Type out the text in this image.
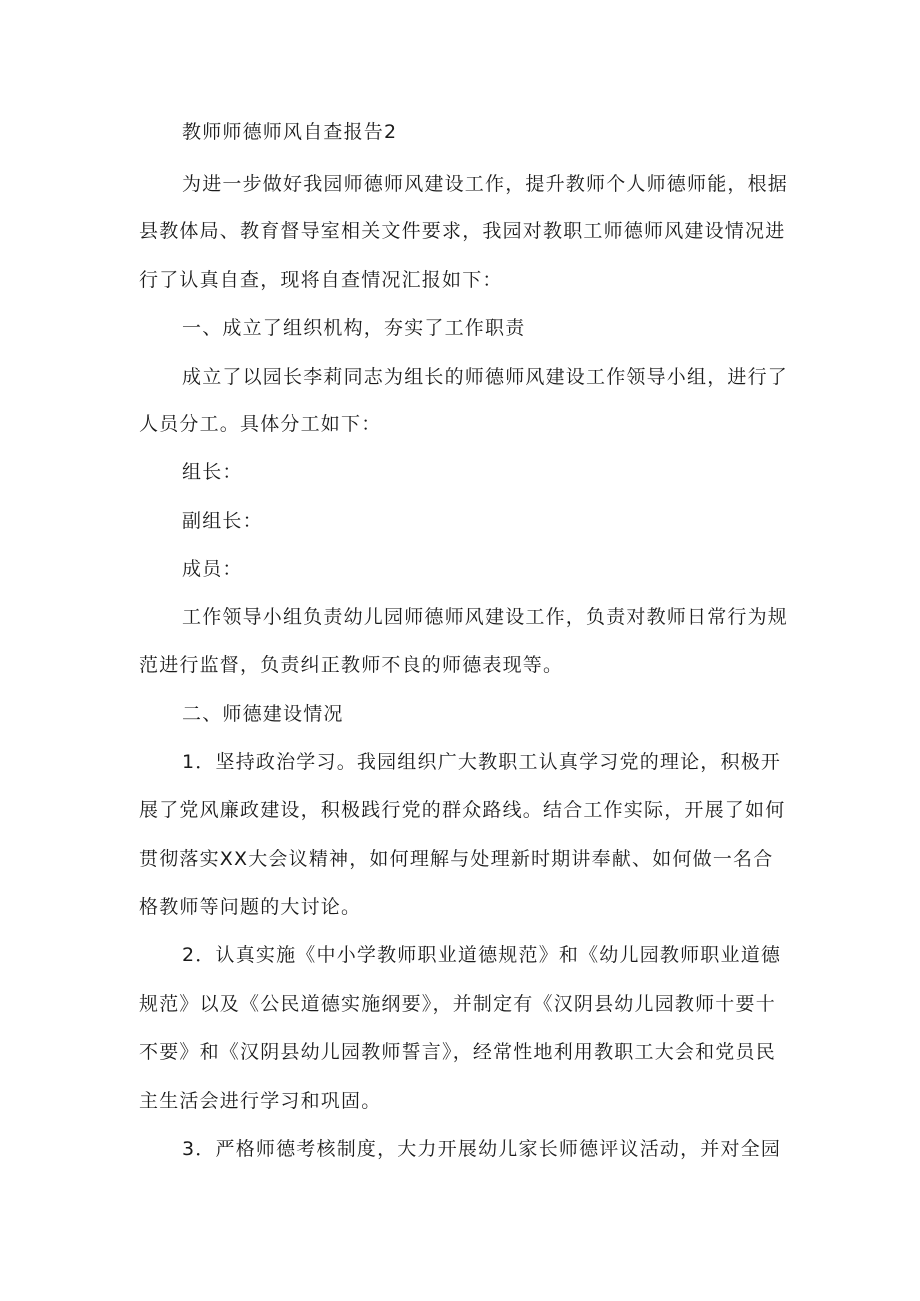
教师师德师风自查报告2
为进一步做好我园师德师风建设工作，提升教师个人师德师能，根据
县教体局、教育督导室相关文件要求，我园对教职工师德师风建设情况进
行了认真自查，现将自查情况汇报如下：
一、成立了组织机构，夯实了工作职责
成立了以园长李莉同志为组长的师德师风建设工作领导小组，进行了
人员分工。具体分工如下：
组长：
副组长：
成员：
工作领导小组负责幼儿园师德师风建设工作，负责对教师日常行为规
范进行监督，负责纠正教师不良的师德表现等。
二、师德建设情况
1．坚持政治学习。我园组织广大教职工认真学习党的理论，积极开
展了党风廉政建设，积极践行党的群众路线。结合工作实际，开展了如何
贯彻落实XX大会议精神，如何理解与处理新时期讲奉献、如何做一名合
格教师等问题的大讨论。
2．认真实施《中小学教师职业道德规范》和《幼儿园教师职业道德
规范》以及《公民道德实施纲要》，并制定有《汉阴县幼儿园教师十要十
不要》和《汉阴县幼儿园教师誓言》，经常性地利用教职工大会和党员民
主生活会进行学习和巩固。
3．严格师德考核制度，大力开展幼儿家长师德评议活动，并对全园
